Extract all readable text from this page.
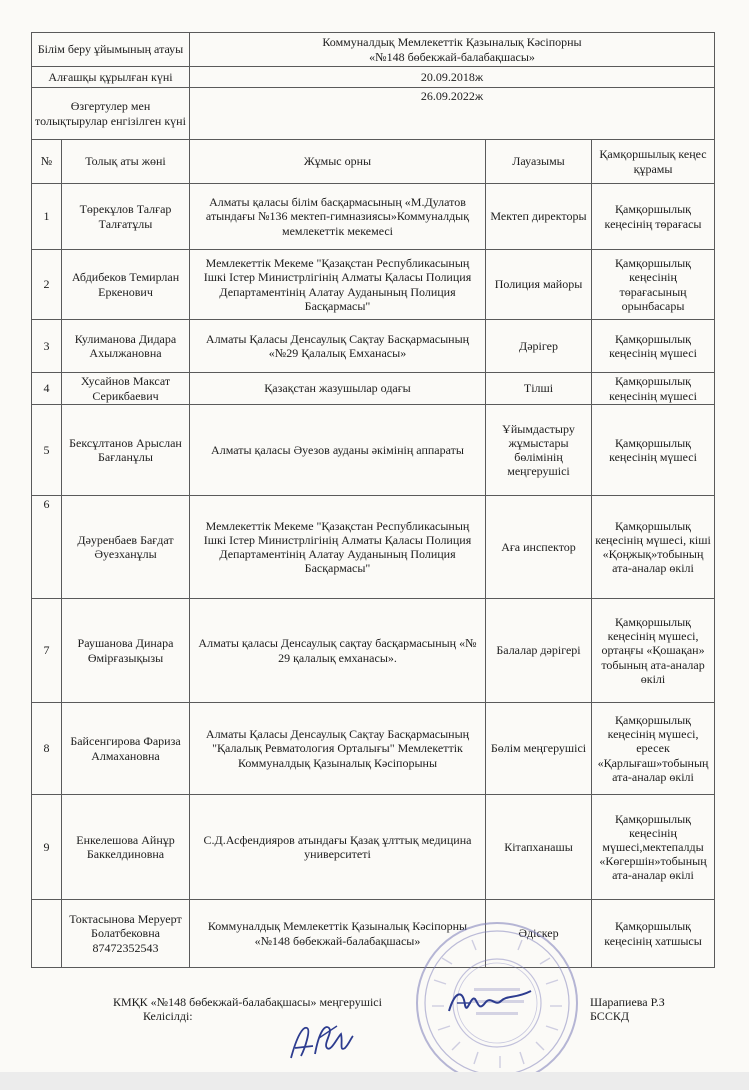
Білім беру ұйымының атауы		Коммуналдық Мемлекеттік Қазыналық Кәсіпорны
«№148 бөбекжай-балабақшасы»		

Алғашқы құрылған күні		20.09.2018ж		
Өзгертулер мен толықтырулар енгізілген күні		26.09.2022ж		
№	Толық аты жөні	Жұмыс орны	Лауазымы	Қамқоршылық кеңес құрамы
1	Төрекұлов Талғар Талғатұлы	Алматы қаласы білім басқармасының «М.Дулатов атындағы №136 мектеп-гимназиясы»Коммуналдық мемлекеттік мекемесі	Мектеп директоры	Қамқоршылық кеңесінің төрағасы
2	Абдибеков Темирлан Еркенович	Мемлекеттік Мекеме "Қазақстан Республикасының Ішкі Істер Министрлігінің Алматы Қаласы Полиция Департаментінің Алатау Ауданының Полиция Басқармасы"	Полиция майоры	Қамқоршылық кеңесінің төрағасының орынбасары
3	Кулиманова Дидара Ахылжановна	Алматы Қаласы Денсаулық Сақтау Басқармасының «№29 Қалалық Емханасы»	Дәрігер	Қамқоршылық кеңесінің мүшесі
4	Хусайнов Максат Серикбаевич	Қазақстан жазушылар одағы	Тілші	Қамқоршылық кеңесінің мүшесі
5	Бексұлтанов Арыслан Бағланұлы	Алматы қаласы Әуезов ауданы әкімінің аппараты	Ұйымдастыру жұмыстары бөлімінің меңгерушісі	Қамқоршылық кеңесінің мүшесі
6	Дәуренбаев Бағдат Әуезханұлы	Мемлекеттік Мекеме "Қазақстан Республикасының Ішкі Істер Министрлігінің Алматы Қаласы Полиция Департаментінің Алатау Ауданының Полиция Басқармасы"	Аға инспектор	Қамқоршылық кеңесінің мүшесі, кіші «Қоңжық»тобының ата-аналар өкілі
7	Раушанова Динара Өмірғазықызы	Алматы қаласы Денсаулық сақтау басқармасының «№ 29 қалалық емханасы».	Балалар дәрігері	Қамқоршылық кеңесінің мүшесі, ортаңғы «Қошақан» тобының ата-аналар өкілі
8	Байсенгирова Фариза Алмахановна	Алматы Қаласы Денсаулық Сақтау Басқармасының "Қалалық Ревматология Орталығы" Мемлекеттік Коммуналдық Қазыналық Кәсіпорыны	Бөлім меңгерушісі	Қамқоршылық кеңесінің мүшесі, ересек «Қарлығаш»тобының ата-аналар өкілі
9	Енкелешова Айнұр Баккелдиновна	С.Д.Асфендияров атындағы Қазақ ұлттық медицина университеті	Кітапханашы	Қамқоршылық кеңесінің мүшесі,мектепалды «Көгершін»тобының ата-аналар өкілі
	Токтасынова Меруерт Болатбековна 87472352543	Коммуналдық Мемлекеттік Қазыналық Кәсіпорны «№148 бөбекжай-балабақшасы»	Әдіскер	Қамқоршылық кеңесінің хатшысы
КМҚК «№148 бөбекжай-балабақшасы» меңгерушісі
Келісілді:
Шарапиева Р.З
БССКД
